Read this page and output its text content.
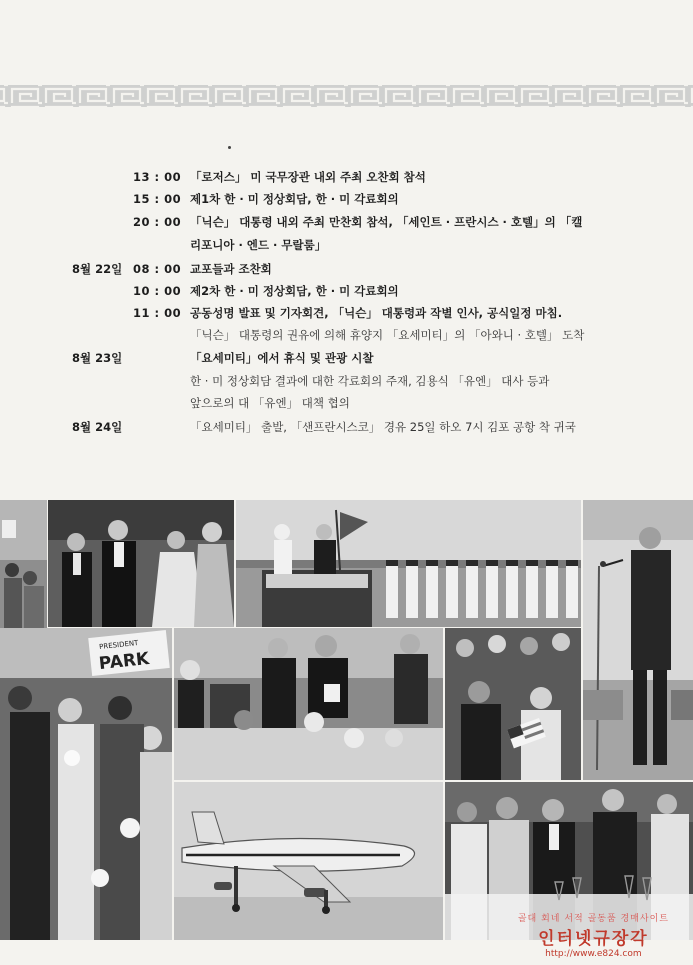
13 : 00 「로저스」 미 국무장관 내외 주최 오찬회 참석
15 : 00 제1차 한 · 미 정상회담, 한 · 미 각료회의
20 : 00 「닉슨」 대통령 내외 주최 만찬회 참석, 「세인트 · 프란시스 · 호텔」의 「캘
리포니아 · 엔드 · 무랄룸」
8월 22일 08 : 00 교포들과 조찬회
10 : 00 제2차 한 · 미 정상회담, 한 · 미 각료회의
11 : 00 공동성명 발표 및 기자회견, 「닉슨」 대통령과 작별 인사, 공식일정 마침.
「닉슨」 대통령의 권유에 의해 휴양지 「요세미티」의 「아와니 · 호텔」 도착
8월 23일	「요세미티」에서 휴식 및 관광 시찰
한 · 미 정상회담 결과에 대한 각료회의 주재, 김용식 「유엔」 대사 등과
앞으로의 대 「유엔」 대책 협의
8월 24일	「요세미티」 출발, 「샌프란시스코」 경유 25일 하오 7시 김포 공항 착 귀국
PRESIDENT
PARK
골대 회네 서적 골동품 경매사이트
인터넷규장각
http://www.e824.com
